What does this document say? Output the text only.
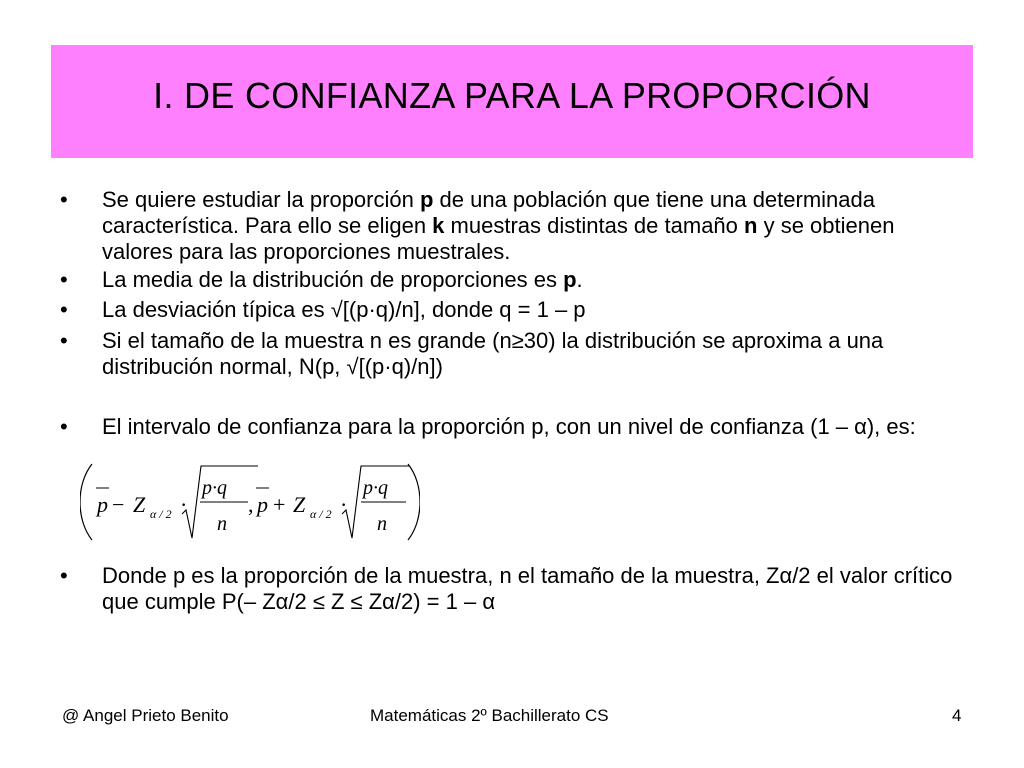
I. DE CONFIANZA PARA LA PROPORCIÓN
•	Se quiere estudiar la proporción p de una población que tiene una determinada característica. Para ello se eligen k muestras distintas de tamaño n y se obtienen valores para las proporciones muestrales.
•	La media de la distribución de proporciones es p.
•	La desviación típica es √[(p·q)/n], donde q = 1 – p
•	Si el tamaño de la muestra n es grande (n≥30) la distribución se aproxima a una distribución normal, N(p, √[(p·q)/n])
•	El intervalo de confianza para la proporción p, con un nivel de confianza (1 – α), es:
•	Donde p es la proporción de la muestra, n el tamaño de la muestra, Zα/2 el valor crítico que cumple P(– Zα/2 ≤ Z ≤ Zα/2) = 1 – α
p − Z α / 2 ·
p·q
n
, p + Z α / 2 ·
p·q
n
@ Angel Prieto Benito	Matemáticas 2º Bachillerato CS	4
